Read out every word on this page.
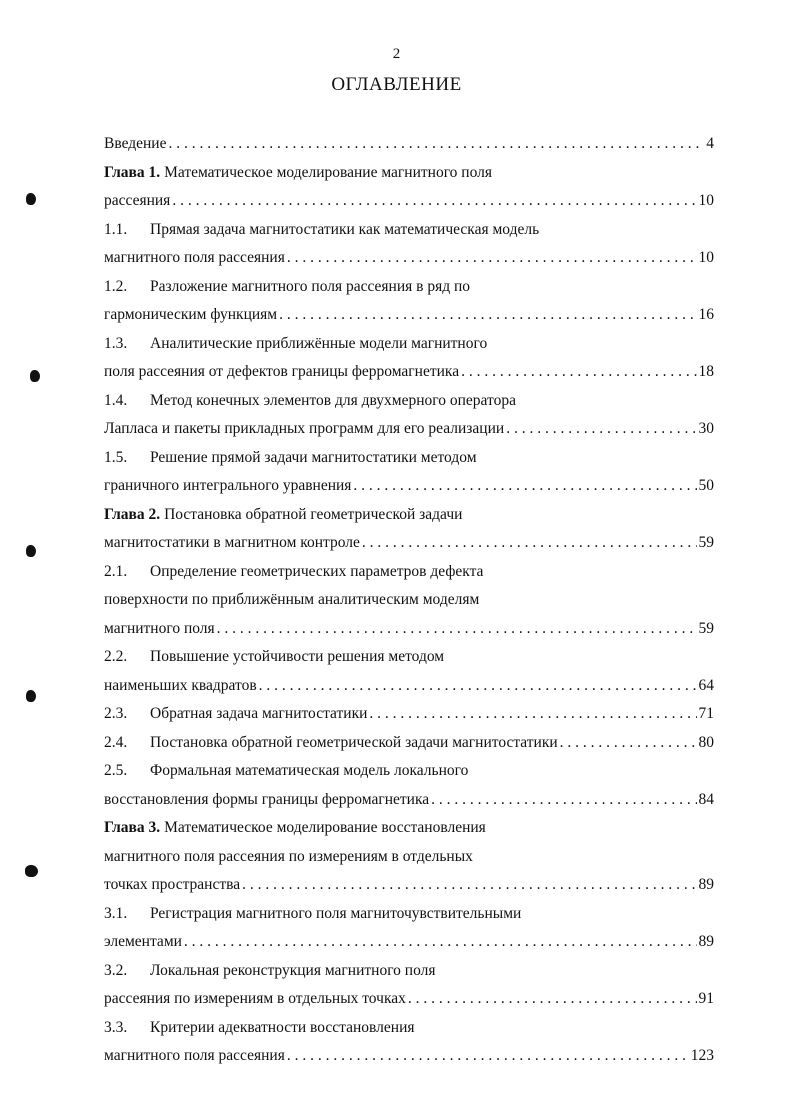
2
ОГЛАВЛЕНИЕ
Введение . . .	4
Глава 1. Математическое моделирование магнитного поля
рассеяния . . .	10
1.1. Прямая задача магнитостатики как математическая модель
магнитного поля рассеяния . . .	10
1.2. Разложение магнитного поля рассеяния в ряд по
гармоническим функциям . . .	16
1.3. Аналитические приближённые модели магнитного
поля рассеяния от дефектов границы ферромагнетика . . .	18
1.4. Метод конечных элементов для двухмерного оператора
Лапласа и пакеты прикладных программ для его реализации . . .	30
1.5. Решение прямой задачи магнитостатики методом
граничного интегрального уравнения . . .	50
Глава 2. Постановка обратной геометрической задачи
магнитостатики в магнитном контроле . . .	59
2.1. Определение геометрических параметров дефекта
поверхности по приближённым аналитическим моделям
магнитного поля . . .	59
2.2. Повышение устойчивости решения методом
наименьших квадратов . . .	64
2.3. Обратная задача магнитостатики . . .	71
2.4. Постановка обратной геометрической задачи магнитостатики . . .	80
2.5. Формальная математическая модель локального
восстановления формы границы ферромагнетика . . .	84
Глава 3. Математическое моделирование восстановления
магнитного поля рассеяния по измерениям в отдельных
точках пространства . . .	89
3.1. Регистрация магнитного поля магниточувствительными
элементами . . .	89
3.2. Локальная реконструкция магнитного поля
рассеяния по измерениям в отдельных точках . . .	91
3.3. Критерии адекватности восстановления
магнитного поля рассеяния . . .	123
